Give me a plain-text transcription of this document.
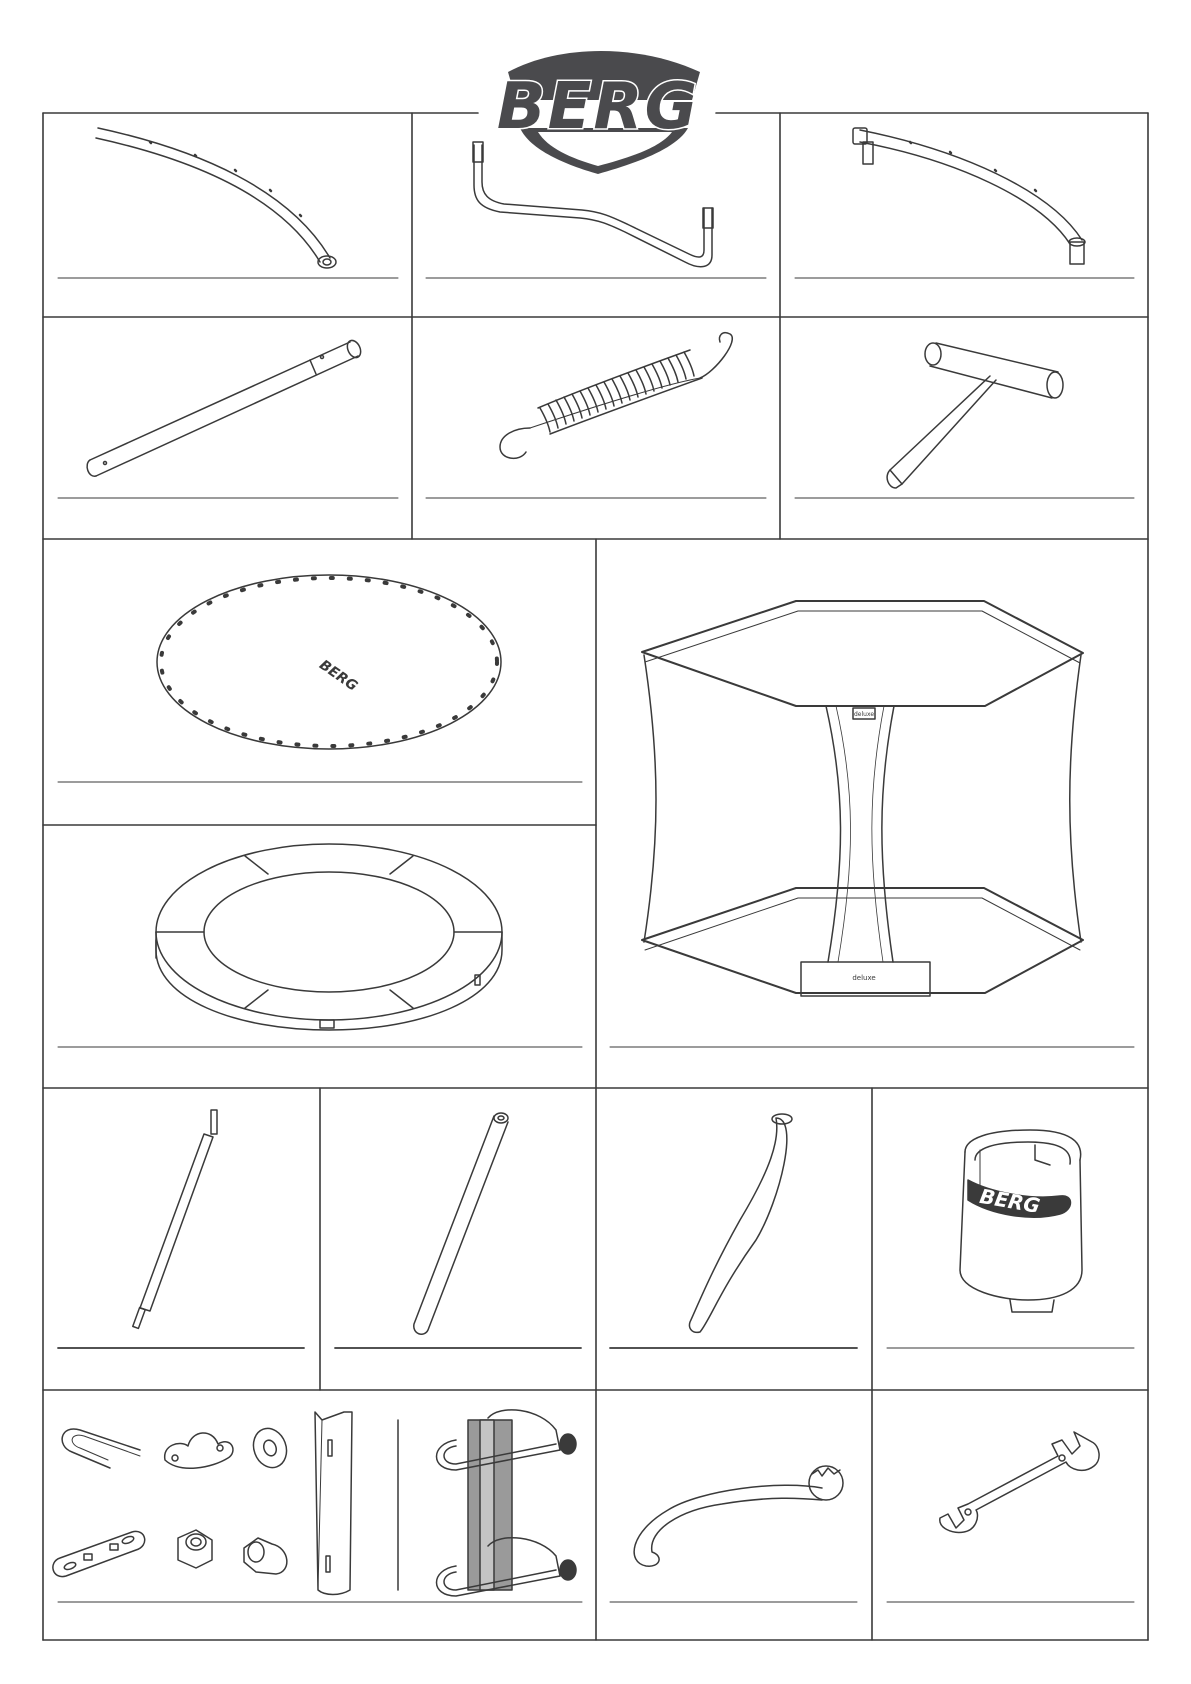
BERG
deluxe
deluxe
BERG
BERG
